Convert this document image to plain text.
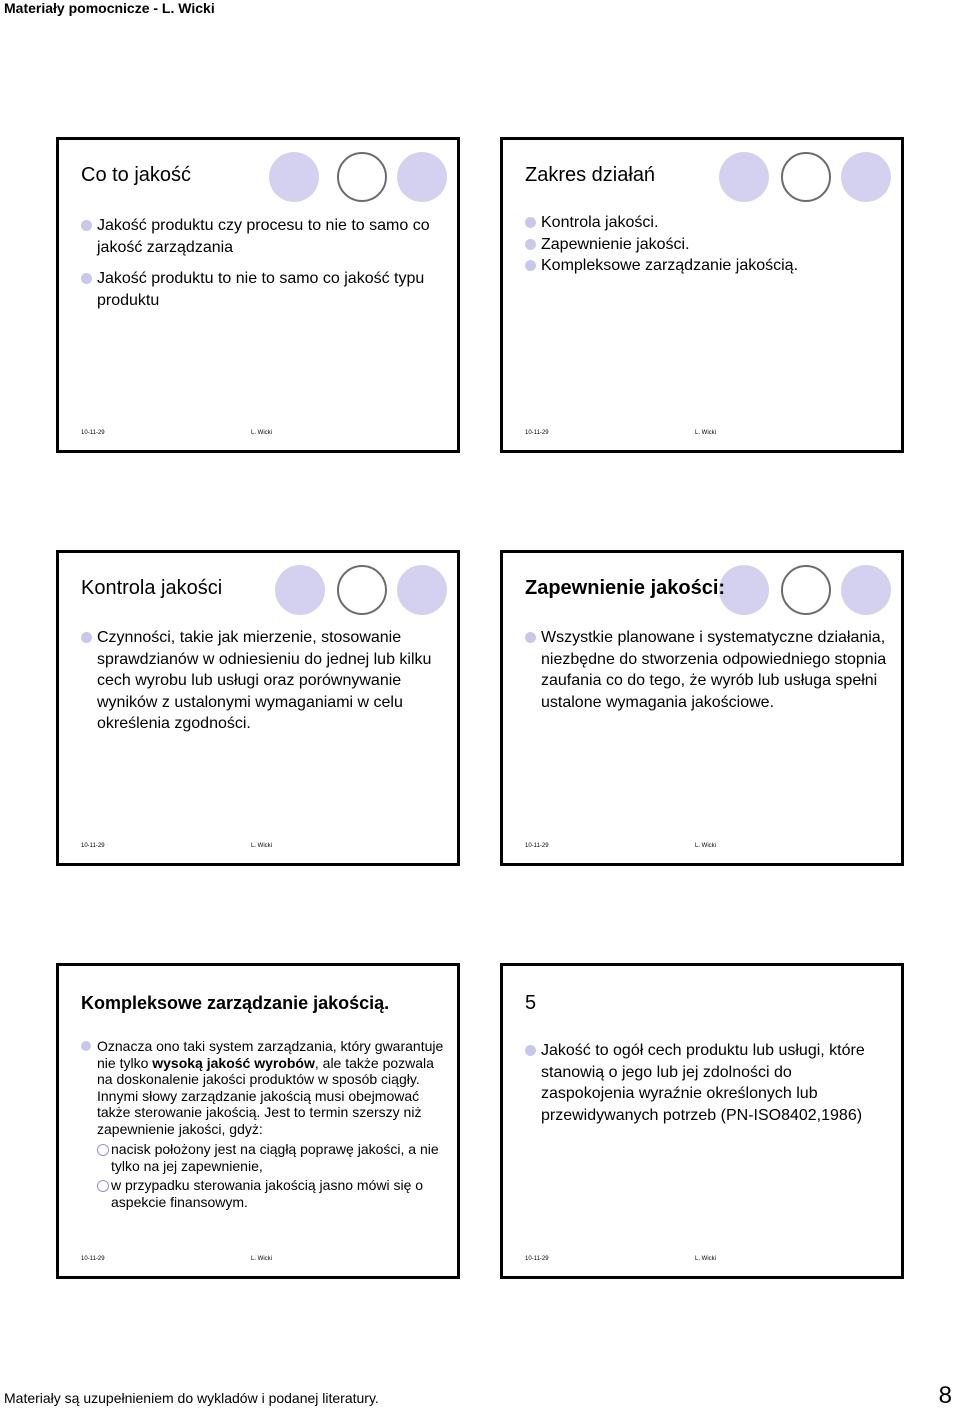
Materiały pomocnicze - L. Wicki
Co to jakość
Jakość produktu czy procesu to nie to samo co jakość zarządzania
Jakość produktu to nie to samo co jakość typu produktu
10-11-29	L. Wicki
Zakres działań
Kontrola jakości.
Zapewnienie jakości.
Kompleksowe zarządzanie jakością.
10-11-29	L. Wicki
Kontrola jakości
Czynności, takie jak mierzenie, stosowanie sprawdzianów w odniesieniu do jednej lub kilku cech wyrobu lub usługi oraz porównywanie wyników z ustalonymi wymaganiami w celu określenia zgodności.
10-11-29	L. Wicki
Zapewnienie jakości:
Wszystkie planowane i systematyczne działania, niezbędne do stworzenia odpowiedniego stopnia zaufania co do tego, że wyrób lub usługa spełni ustalone wymagania jakościowe.
10-11-29	L. Wicki
Kompleksowe zarządzanie jakością.
Oznacza ono taki system zarządzania, który gwarantuje nie tylko wysoką jakość wyrobów, ale także pozwala na doskonalenie jakości produktów w sposób ciągły. Innymi słowy zarządzanie jakością musi obejmować także sterowanie jakością. Jest to termin szerszy niż zapewnienie jakości, gdyż:
nacisk położony jest na ciągłą poprawę jakości, a nie tylko na jej zapewnienie,
w przypadku sterowania jakością jasno mówi się o aspekcie finansowym.
10-11-29	L. Wicki
5
Jakość to ogół cech produktu lub usługi, które stanowią o jego lub jej zdolności do zaspokojenia wyraźnie określonych lub przewidywanych potrzeb (PN-ISO8402,1986)
10-11-29	L. Wicki
Materiały są uzupełnieniem do wykladów i podanej literatury.	8
